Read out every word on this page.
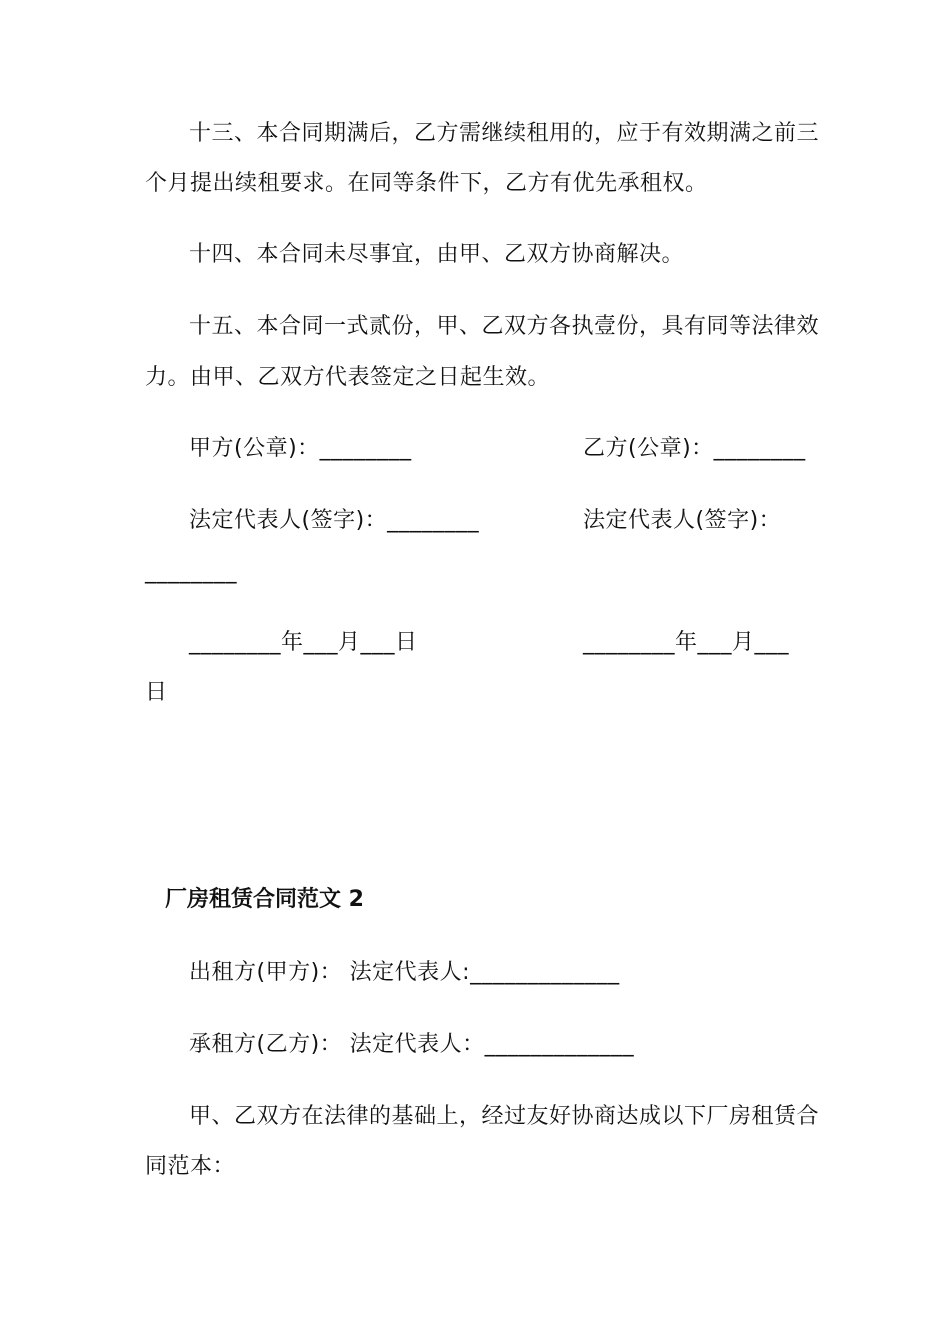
十三、本合同期满后，乙方需继续租用的，应于有效期满之前三
个月提出续租要求。在同等条件下，乙方有优先承租权。
十四、本合同未尽事宜，由甲、乙双方协商解决。
十五、本合同一式贰份，甲、乙双方各执壹份，具有同等法律效
力。由甲、乙双方代表签定之日起生效。
甲方(公章)：________	乙方(公章)：________
法定代表人(签字)：________	法定代表人(签字)：
________
________年___月___日	________年___月___
日
厂房租赁合同范文 2
出租方(甲方)： 法定代表人:_____________
承租方(乙方)： 法定代表人：_____________
甲、乙双方在法律的基础上，经过友好协商达成以下厂房租赁合
同范本：
